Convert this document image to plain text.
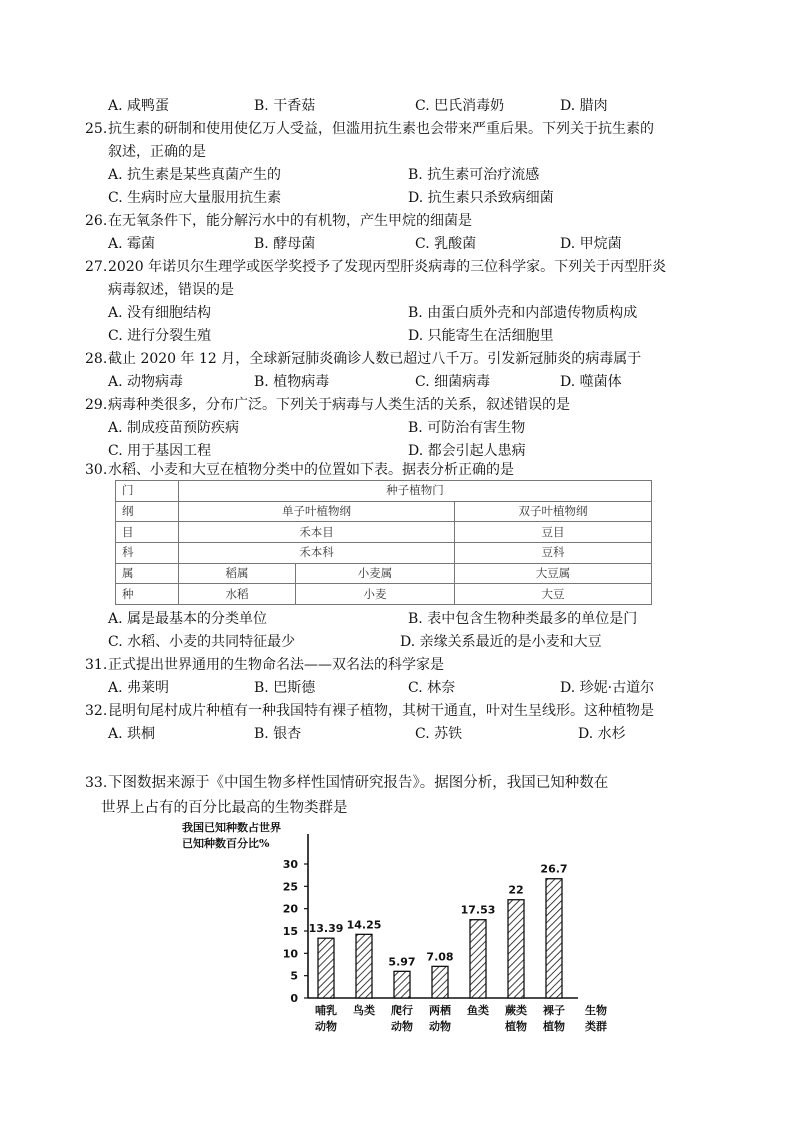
A. 咸鸭蛋	B. 干香菇	C. 巴氏消毒奶	D. 腊肉
25. 抗生素的研制和使用使亿万人受益，但滥用抗生素也会带来严重后果。下列关于抗生素的
叙述，正确的是
A. 抗生素是某些真菌产生的	B. 抗生素可治疗流感
C. 生病时应大量服用抗生素	D. 抗生素只杀致病细菌
26. 在无氧条件下，能分解污水中的有机物，产生甲烷的细菌是
A. 霉菌	B. 酵母菌	C. 乳酸菌	D. 甲烷菌
27. 2020 年诺贝尔生理学或医学奖授予了发现丙型肝炎病毒的三位科学家。下列关于丙型肝炎
病毒叙述，错误的是
A. 没有细胞结构	B. 由蛋白质外壳和内部遗传物质构成
C. 进行分裂生殖	D. 只能寄生在活细胞里
28. 截止 2020 年 12 月，全球新冠肺炎确诊人数已超过八千万。引发新冠肺炎的病毒属于
A. 动物病毒	B. 植物病毒	C. 细菌病毒	D. 噬菌体
29. 病毒种类很多，分布广泛。下列关于病毒与人类生活的关系，叙述错误的是
A. 制成疫苗预防疾病	B. 可防治有害生物
C. 用于基因工程	D. 都会引起人患病
30. 水稻、小麦和大豆在植物分类中的位置如下表。据表分析正确的是
门	种子植物门		
纲	单子叶植物纲		双子叶植物纲
目	禾本目		豆目
科	禾本科		豆科
属	稻属	小麦属	大豆属
种	水稻	小麦	大豆
A. 属是最基本的分类单位	B. 表中包含生物种类最多的单位是门
C. 水稻、小麦的共同特征最少	D. 亲缘关系最近的是小麦和大豆
31. 正式提出世界通用的生物命名法——双名法的科学家是
A. 弗莱明	B. 巴斯德	C. 林奈	D. 珍妮·古道尔
32. 昆明旬尾村成片种植有一种我国特有裸子植物，其树干通直，叶对生呈线形。这种植物是
A. 珙桐	B. 银杏	C. 苏铁	D. 水杉
33. 下图数据来源于《中国生物多样性国情研究报告》。据图分析，我国已知种数在
世界上占有的百分比最高的生物类群是
我国已知种数占世界
已知种数百分比%
0
5
10
15
20
25
30
13.39
哺乳
动物
14.25
鸟类
5.97
爬行
动物
7.08
两栖
动物
17.53
鱼类
22
蕨类
植物
26.7
裸子
植物
生物
类群
